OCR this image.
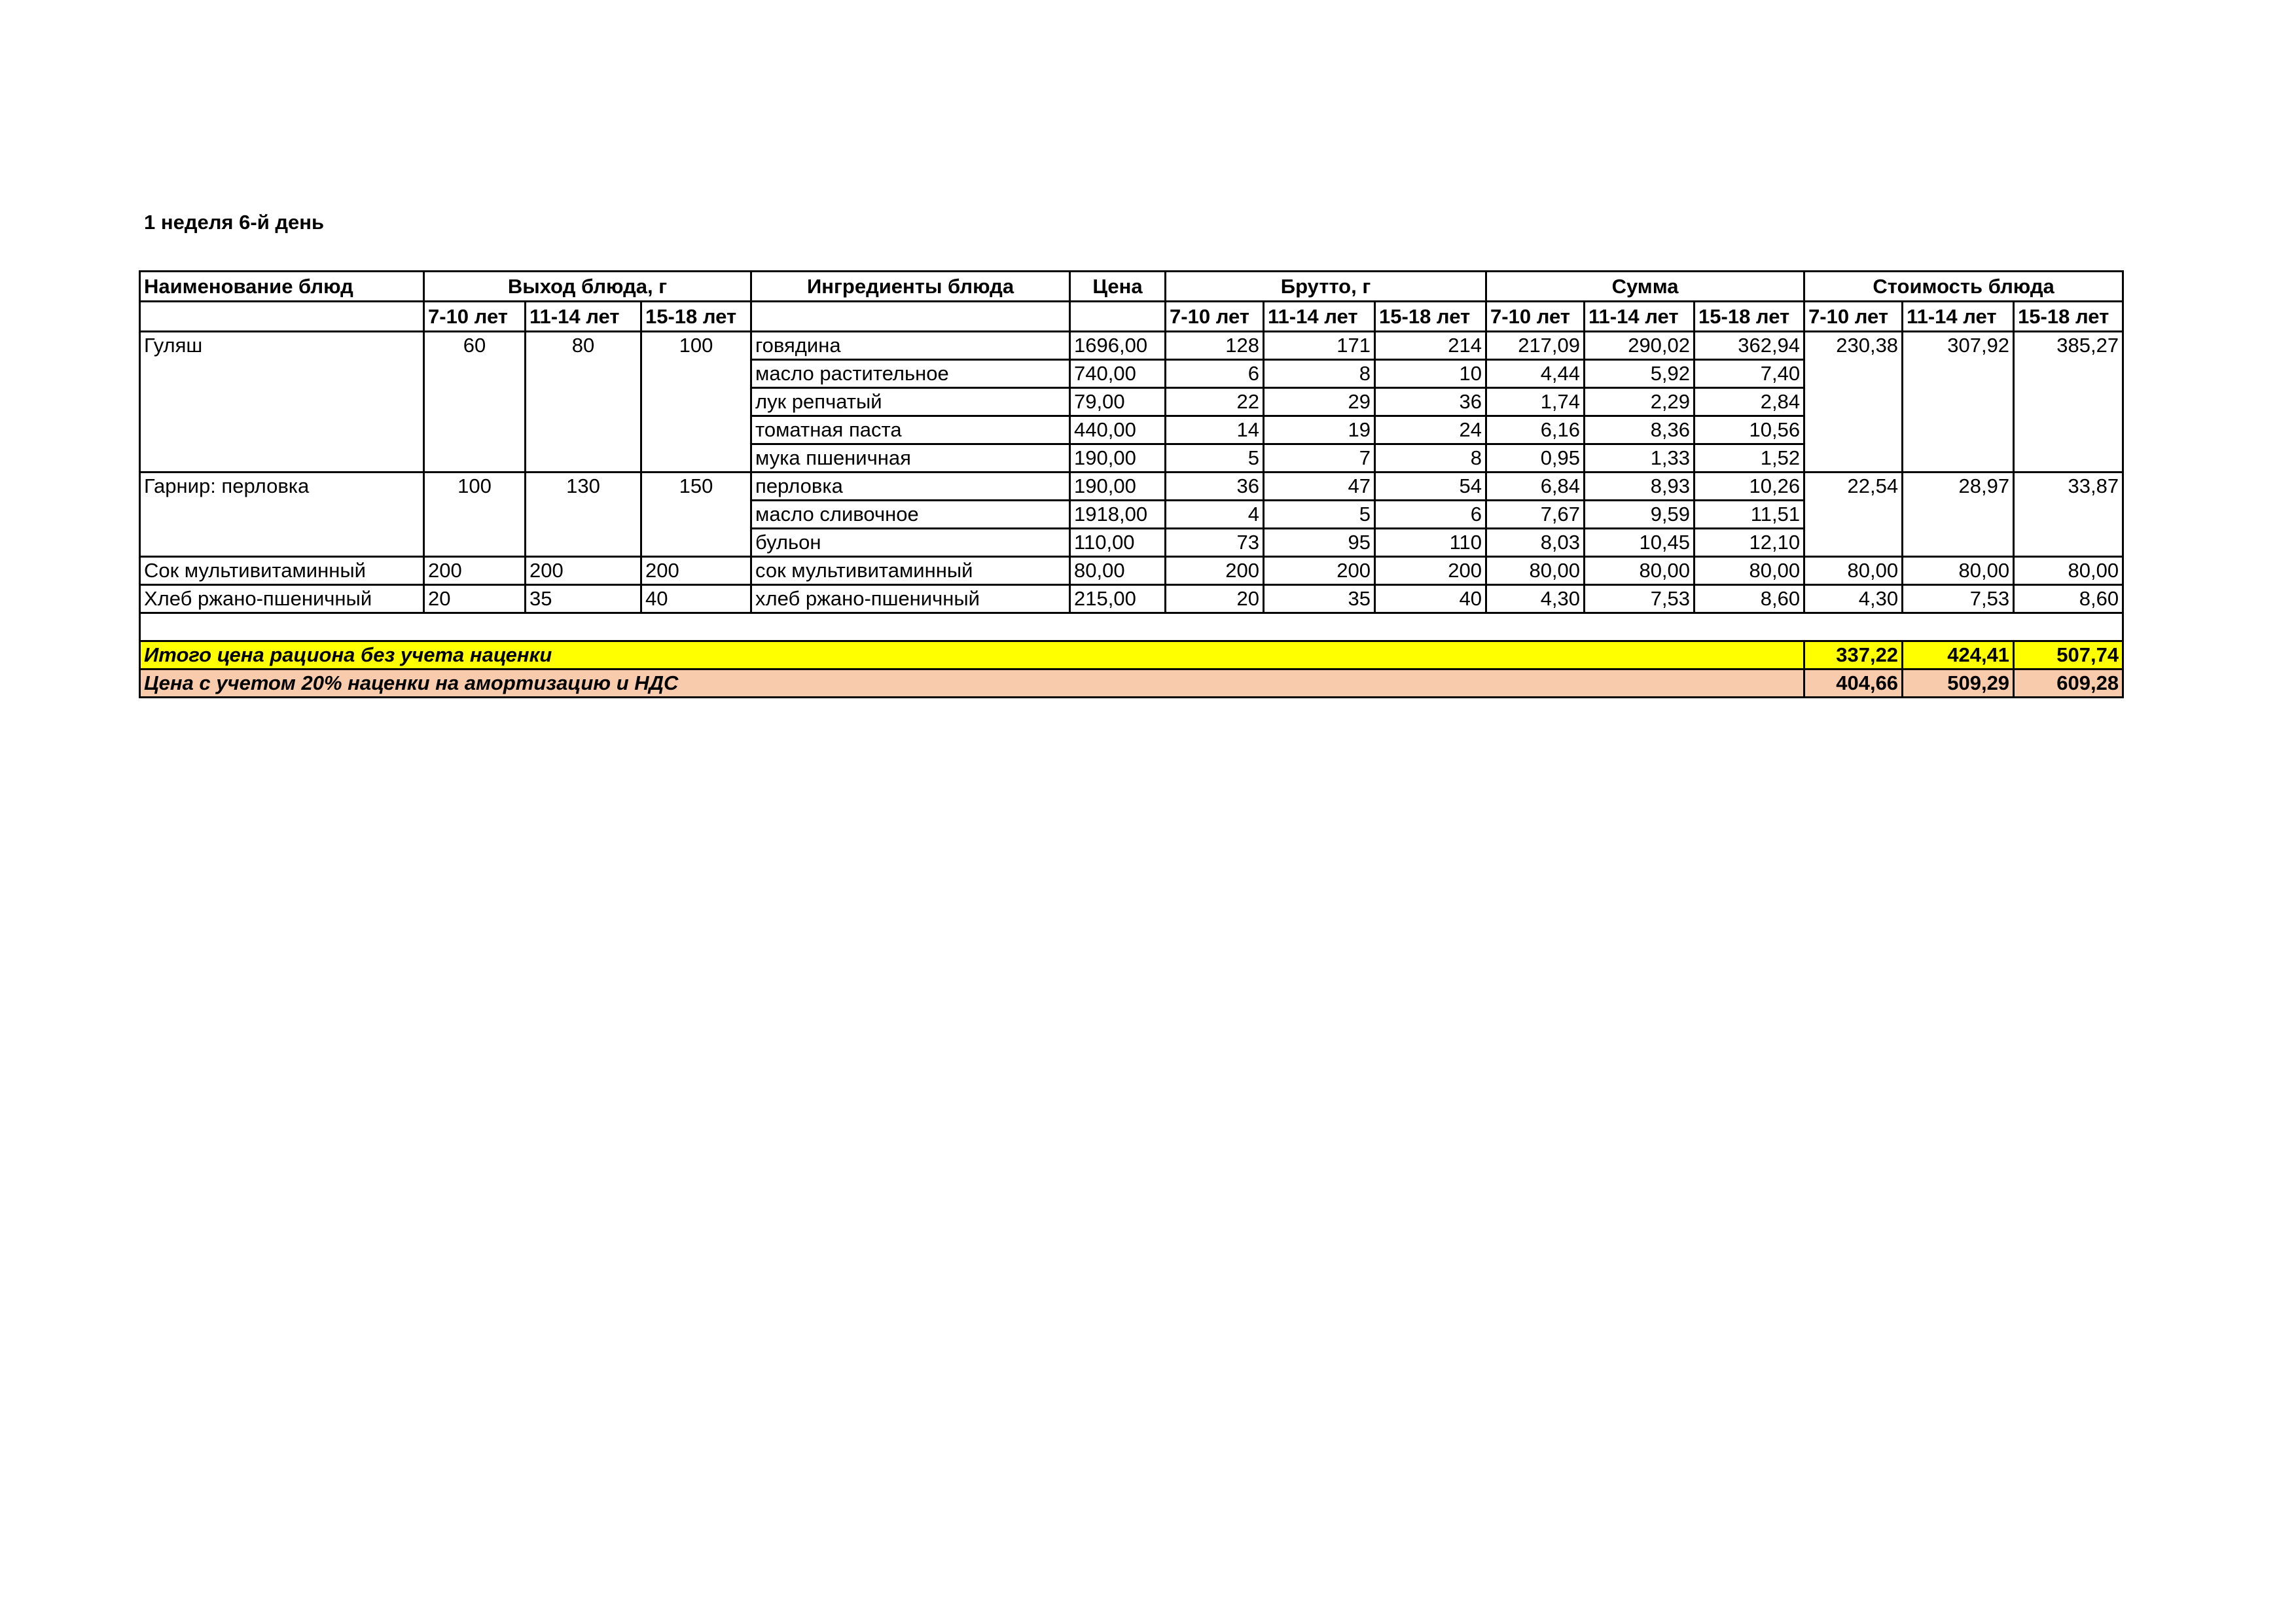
1 неделя 6-й день
Наименование блюд	Выход блюда, г			Ингредиенты блюда	Цена	Брутто, г			Сумма			Стоимость блюда		
	7-10 лет	11-14 лет	15-18 лет			7-10 лет	11-14 лет	15-18 лет	7-10 лет	11-14 лет	15-18 лет	7-10 лет	11-14 лет	15-18 лет
Гуляш	60	80	100	говядина	1696,00	128	171	214	217,09	290,02	362,94	230,38	307,92	385,27
				масло растительное	740,00	6	8	10	4,44	5,92	7,40			
				лук репчатый	79,00	22	29	36	1,74	2,29	2,84			
				томатная паста	440,00	14	19	24	6,16	8,36	10,56			
				мука пшеничная	190,00	5	7	8	0,95	1,33	1,52			
Гарнир: перловка	100	130	150	перловка	190,00	36	47	54	6,84	8,93	10,26	22,54	28,97	33,87
				масло сливочное	1918,00	4	5	6	7,67	9,59	11,51			
				бульон	110,00	73	95	110	8,03	10,45	12,10			
Сок мультивитаминный	200	200	200	сок мультивитаминный	80,00	200	200	200	80,00	80,00	80,00	80,00	80,00	80,00
Хлеб ржано-пшеничный	20	35	40	хлеб ржано-пшеничный	215,00	20	35	40	4,30	7,53	8,60	4,30	7,53	8,60

Итого цена рациона без учета наценки												337,22	424,41	507,74
Цена с учетом 20% наценки на амортизацию и НДС												404,66	509,29	609,28
